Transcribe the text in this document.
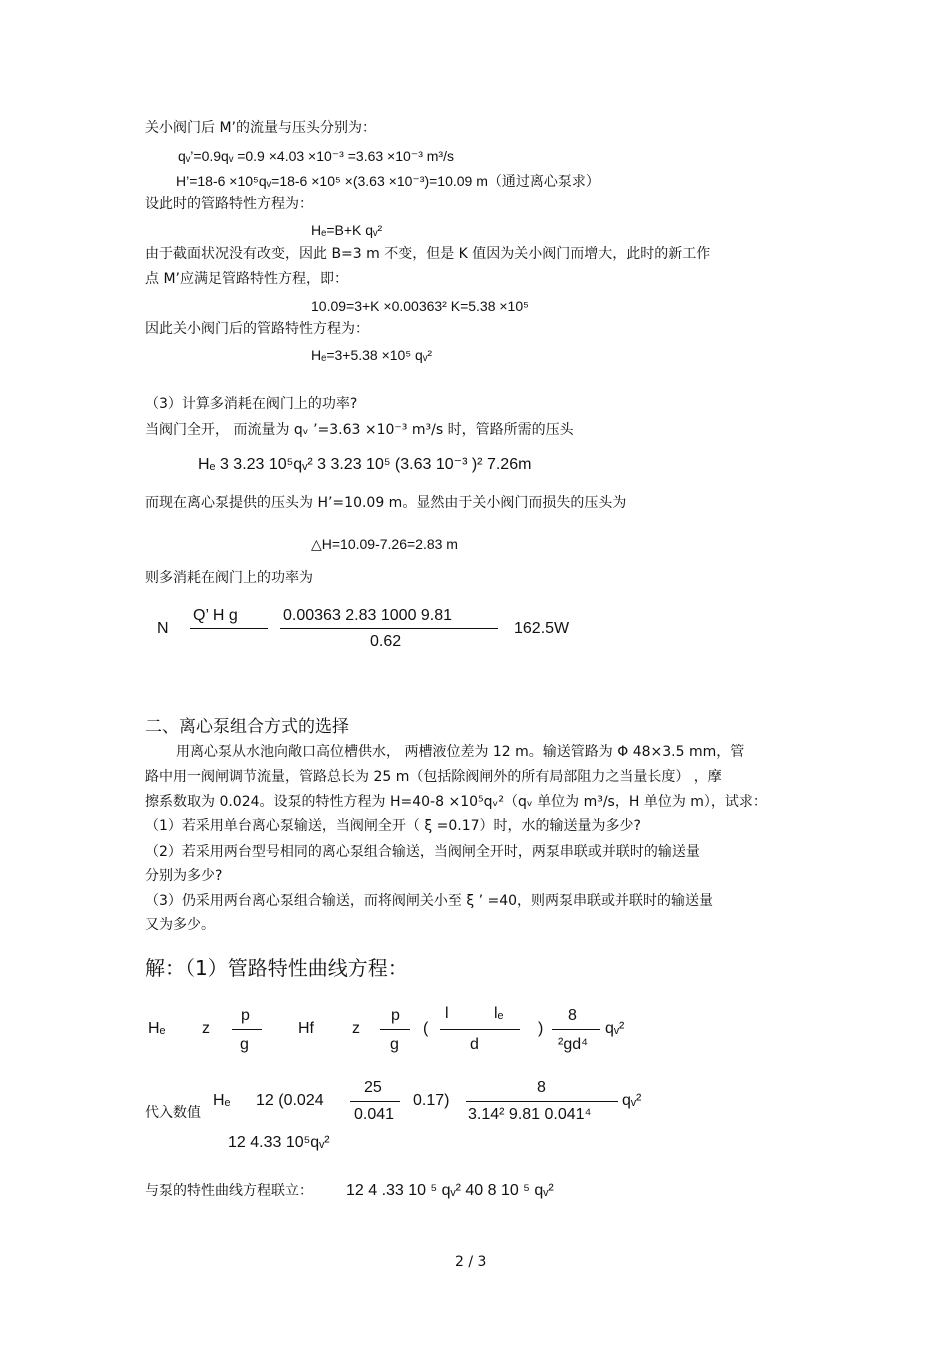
关小阀门后 M’的流量与压头分别为：
qᵥ’=0.9qᵥ =0.9 ×4.03 ×10⁻³ =3.63 ×10⁻³ m³/s
H’=18-6 ×10⁵qᵥ=18-6 ×10⁵ ×(3.63 ×10⁻³)=10.09 m（通过离心泵求）
设此时的管路特性方程为：
Hₑ=B+K qᵥ²
由于截面状况没有改变，因此 B=3 m 不变，但是 K 值因为关小阀门而增大，此时的新工作
点 M’应满足管路特性方程，即：
10.09=3+K ×0.00363² K=5.38 ×10⁵
因此关小阀门后的管路特性方程为：
Hₑ=3+5.38 ×10⁵ qᵥ²
（3）计算多消耗在阀门上的功率?
当阀门全开， 而流量为 qᵥ ’=3.63 ×10⁻³ m³/s 时，管路所需的压头
Hₑ 3 3.23 10⁵qᵥ² 3 3.23 10⁵ (3.63 10⁻³ )² 7.26m
而现在离心泵提供的压头为 H’=10.09 m。显然由于关小阀门而损失的压头为
△H=10.09-7.26=2.83 m
则多消耗在阀门上的功率为
N
Q’ H g	0.00363 2.83 1000 9.81
0.62
162.5W
二、离心泵组合方式的选择
用离心泵从水池向敞口高位槽供水， 两槽液位差为 12 m。输送管路为 Φ 48×3.5 mm，管
路中用一阀闸调节流量，管路总长为 25 m（包括除阀闸外的所有局部阻力之当量长度） ，摩
擦系数取为 0.024。设泵的特性方程为 H=40-8 ×10⁵qᵥ²（qᵥ 单位为 m³/s，H 单位为 m），试求：
（1）若采用单台离心泵输送，当阀闸全开（ ξ =0.17）时，水的输送量为多少?
（2）若采用两台型号相同的离心泵组合输送，当阀闸全开时，两泵串联或并联时的输送量
分别为多少?
（3）仍采用两台离心泵组合输送，而将阀闸关小至 ξ ’ =40，则两泵串联或并联时的输送量
又为多少。
解：（1）管路特性曲线方程：
Hₑ z
p
g
Hf z
p
g
(
l	lₑ
d
)
8
²gd⁴
qᵥ²
代入数值
Hₑ 12 (0.024
25
0.041
0.17)
8
3.14² 9.81 0.041⁴
qᵥ²
12 4.33 10⁵qᵥ²
与泵的特性曲线方程联立： 12 4 .33 10 ⁵ qᵥ² 40 8 10 ⁵ qᵥ²
2 / 3
